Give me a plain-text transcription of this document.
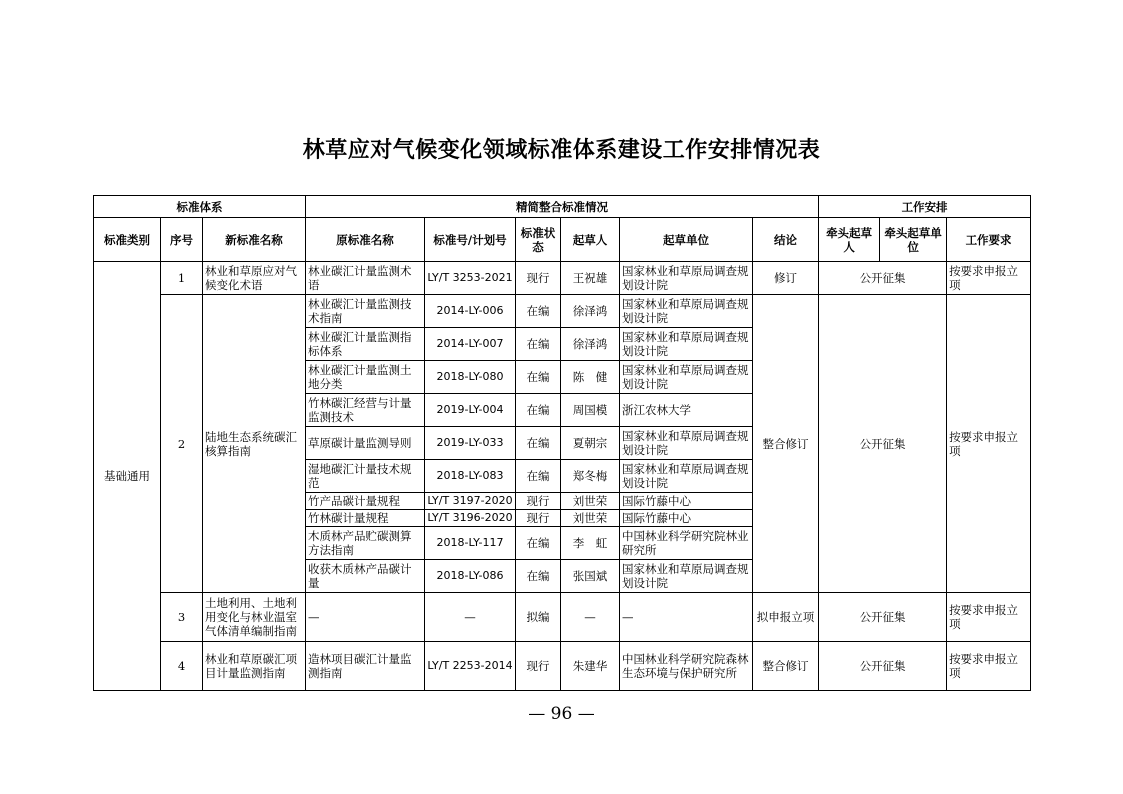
林草应对气候变化领域标准体系建设工作安排情况表
标准体系			精简整合标准情况						工作安排		
标准类别	序号	新标准名称	原标准名称	标准号/计划号	标准状态	起草人	起草单位	结论	牵头起草人	牵头起草单位	工作要求
基础通用	1	林业和草原应对气候变化术语	林业碳汇计量监测术语	LY/T 3253-2021	现行	王祝雄	国家林业和草原局调查规划设计院	修订	公开征集		按要求申报立项
	2	陆地生态系统碳汇核算指南	林业碳汇计量监测技术指南	2014-LY-006	在编	徐泽鸿	国家林业和草原局调查规划设计院	整合修订	公开征集		按要求申报立项
			林业碳汇计量监测指标体系	2014-LY-007	在编	徐泽鸿	国家林业和草原局调查规划设计院				
			林业碳汇计量监测土地分类	2018-LY-080	在编	陈　健	国家林业和草原局调查规划设计院				
			竹林碳汇经营与计量监测技术	2019-LY-004	在编	周国模	浙江农林大学				
			草原碳计量监测导则	2019-LY-033	在编	夏朝宗	国家林业和草原局调查规划设计院				
			湿地碳汇计量技术规范	2018-LY-083	在编	郑冬梅	国家林业和草原局调查规划设计院				
			竹产品碳计量规程	LY/T 3197-2020	现行	刘世荣	国际竹藤中心				
			竹林碳计量规程	LY/T 3196-2020	现行	刘世荣	国际竹藤中心				
			木质林产品贮碳测算方法指南	2018-LY-117	在编	李　虹	中国林业科学研究院林业研究所				
			收获木质林产品碳计量	2018-LY-086	在编	张国斌	国家林业和草原局调查规划设计院				
	3	土地利用、土地利用变化与林业温室气体清单编制指南	—	—	拟编	—	—	拟申报立项	公开征集		按要求申报立项
	4	林业和草原碳汇项目计量监测指南	造林项目碳汇计量监测指南	LY/T 2253-2014	现行	朱建华	中国林业科学研究院森林生态环境与保护研究所	整合修订	公开征集		按要求申报立项
— 96 —
